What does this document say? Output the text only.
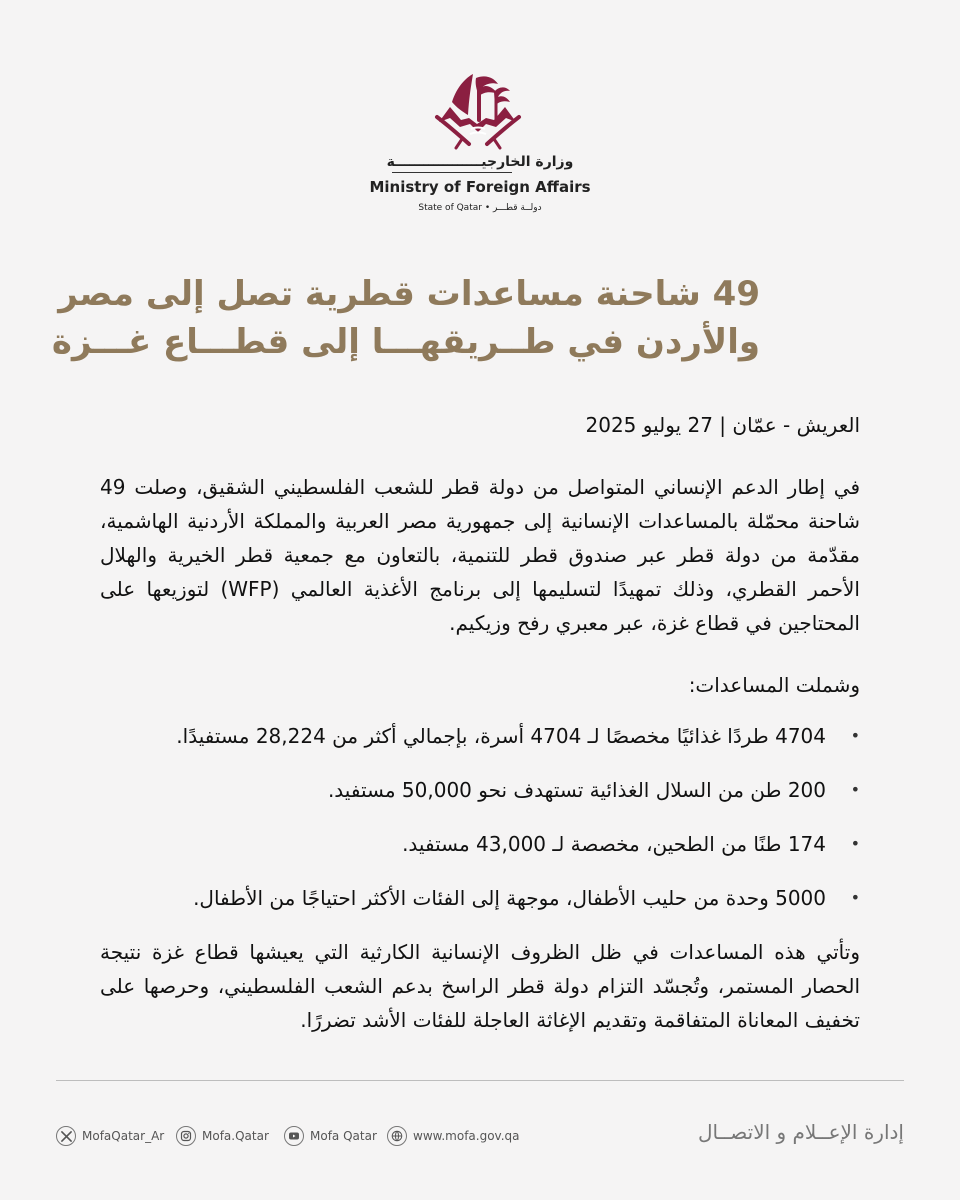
وزارة الخارجيــــــــــــــــــة
Ministry of Foreign Affairs
State of Qatar • دولــة قطـــر
49 شاحنة مساعدات قطرية تصل إلى مصر
والأردن في طــريقهـــا إلى قطـــاع غـــزة

العريش - عمّان | 27 يوليو 2025

في إطار الدعم الإنساني المتواصل من دولة قطر للشعب الفلسطيني الشقيق، وصلت 49 شاحنة محمّلة بالمساعدات الإنسانية إلى جمهورية مصر العربية والمملكة الأردنية الهاشمية، مقدّمة من دولة قطر عبر صندوق قطر للتنمية، بالتعاون مع جمعية قطر الخيرية والهلال الأحمر القطري، وذلك تمهيدًا لتسليمها إلى برنامج الأغذية العالمي (WFP) لتوزيعها على المحتاجين في قطاع غزة، عبر معبري رفح وزيكيم.

وشملت المساعدات:

• 4704 طردًا غذائيًا مخصصًا لـ 4704 أسرة، بإجمالي أكثر من 28,224 مستفيدًا.
• 200 طن من السلال الغذائية تستهدف نحو 50,000 مستفيد.
• 174 طنًا من الطحين، مخصصة لـ 43,000 مستفيد.
• 5000 وحدة من حليب الأطفال، موجهة إلى الفئات الأكثر احتياجًا من الأطفال.

وتأتي هذه المساعدات في ظل الظروف الإنسانية الكارثية التي يعيشها قطاع غزة نتيجة الحصار المستمر، وتُجسّد التزام دولة قطر الراسخ بدعم الشعب الفلسطيني، وحرصها على تخفيف المعاناة المتفاقمة وتقديم الإغاثة العاجلة للفئات الأشد تضررًا.

MofaQatar_Ar	Mofa.Qatar	Mofa Qatar	www.mofa.gov.qa	إدارة الإعــلام و الاتصــال
